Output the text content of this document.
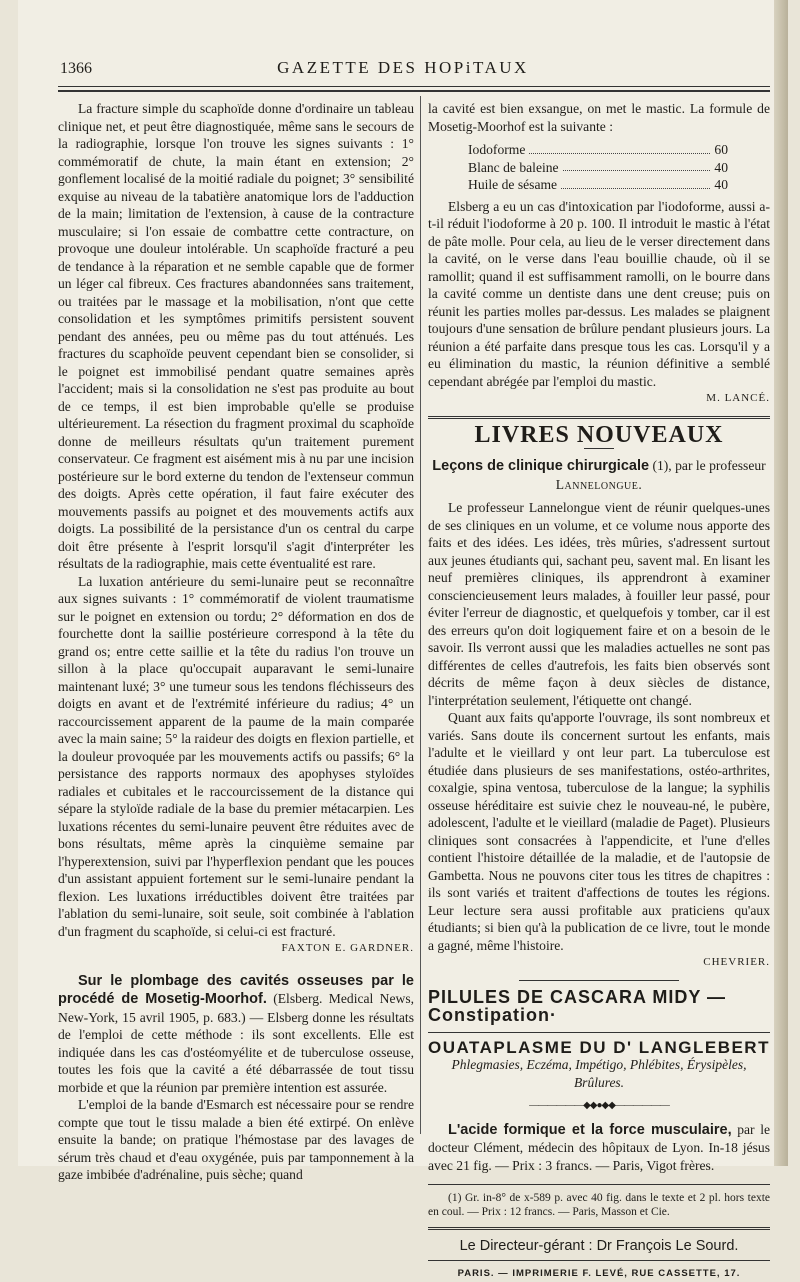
1366	GAZETTE DES HOPiTAUX

La fracture simple du scaphoïde donne d'ordinaire un tableau clinique net, et peut être diagnostiquée, même sans le secours de la radiographie, lorsque l'on trouve les signes suivants : 1° commémoratif de chute, la main étant en extension; 2° gonflement localisé de la moitié radiale du poignet; 3° sensibilité exquise au niveau de la tabatière anatomique lors de l'adduction de la main; limitation de l'extension, à cause de la contracture musculaire; si l'on essaie de combattre cette contracture, on provoque une douleur intolérable. Un scaphoïde fracturé a peu de tendance à la réparation et ne semble capable que de former un léger cal fibreux. Ces fractures abandonnées sans traitement, ou traitées par le massage et la mobilisation, n'ont que cette consolidation et les symptômes primitifs persistent souvent pendant des années, peu ou même pas du tout atténués. Les fractures du scaphoïde peuvent cependant bien se consolider, si le poignet est immobilisé pendant quatre semaines après l'accident; mais si la consolidation ne s'est pas produite au bout de ce temps, il est bien improbable qu'elle se produise ultérieurement. La résection du fragment proximal du scaphoïde donne de meilleurs résultats qu'un traitement purement conservateur. Ce fragment est aisément mis à nu par une incision postérieure sur le bord externe du tendon de l'extenseur commun des doigts. Après cette opération, il faut faire exécuter des mouvements passifs au poignet et des mouvements actifs aux doigts. La possibilité de la persistance d'un os central du carpe doit être présente à l'esprit lorsqu'il s'agit d'interpréter les résultats de la radiographie, mais cette éventualité est rare.

La luxation antérieure du semi-lunaire peut se reconnaître aux signes suivants : 1° commémoratif de violent traumatisme sur le poignet en extension ou tordu; 2° déformation en dos de fourchette dont la saillie postérieure correspond à la tête du grand os; entre cette saillie et la tête du radius l'on trouve un sillon à la place qu'occupait auparavant le semi-lunaire maintenant luxé; 3° une tumeur sous les tendons fléchisseurs des doigts en avant et de l'extrémité inférieure du radius; 4° un raccourcissement apparent de la paume de la main comparée avec la main saine; 5° la raideur des doigts en flexion partielle, et la douleur provoquée par les mouvements actifs ou passifs; 6° la persistance des rapports normaux des apophyses styloïdes radiales et cubitales et le raccourcissement de la distance qui sépare la styloïde radiale de la base du premier métacarpien. Les luxations récentes du semi-lunaire peuvent être réduites avec de bons résultats, même après la cinquième semaine par l'hyperextension, suivi par l'hyperflexion pendant que les pouces d'un assistant appuient fortement sur le semi-lunaire pendant la flexion. Les luxations irréductibles doivent être traitées par l'ablation du semi-lunaire, soit seule, soit combinée à l'ablation d'un fragment du scaphoïde, si celui-ci est fracturé.

FAXTON E. GARDNER.

Sur le plombage des cavités osseuses par le procédé de Mosetig-Moorhof. (Elsberg. Medical News, New-York, 15 avril 1905, p. 683.) — Elsberg donne les résultats de l'emploi de cette méthode : ils sont excellents. Elle est indiquée dans les cas d'ostéomyélite et de tuberculose osseuse, toutes les fois que la cavité a été débarrassée de tout tissu morbide et que la réunion par première intention est assurée.

L'emploi de la bande d'Esmarch est nécessaire pour se rendre compte que tout le tissu malade a bien été extirpé. On enlève ensuite la bande; on pratique l'hémostase par des lavages de sérum très chaud et d'eau oxygénée, puis par tamponnement à la gaze imbibée d'adrénaline, puis sèche; quand

la cavité est bien exsangue, on met le mastic. La formule de Mosetig-Moorhof est la suivante :

Iodoforme	60
Blanc de baleine	40
Huile de sésame	40

Elsberg a eu un cas d'intoxication par l'iodoforme, aussi a-t-il réduit l'iodoforme à 20 p. 100. Il introduit le mastic à l'état de pâte molle. Pour cela, au lieu de le verser directement dans la cavité, on le verse dans l'eau bouillie chaude, où il se ramollit; quand il est suffisamment ramolli, on le bourre dans la cavité comme un dentiste dans une dent creuse; puis on réunit les parties molles par-dessus. Les malades se plaignent toujours d'une sensation de brûlure pendant plusieurs jours. La réunion a été parfaite dans presque tous les cas. Lorsqu'il y a eu élimination du mastic, la réunion définitive a semblé cependant abrégée par l'emploi du mastic.

M. LANCÉ.

LIVRES NOUVEAUX
Leçons de clinique chirurgicale (1), par le professeur
Lannelongue.

Le professeur Lannelongue vient de réunir quelques-unes de ses cliniques en un volume, et ce volume nous apporte des faits et des idées. Les idées, très mûries, s'adressent surtout aux jeunes étudiants qui, sachant peu, savent mal. En lisant les neuf premières cliniques, ils apprendront à examiner consciencieusement leurs malades, à fouiller leur passé, pour éviter l'erreur de diagnostic, et quelquefois y tomber, car il est des erreurs qu'on doit logiquement faire et on a besoin de le savoir. Ils verront aussi que les maladies actuelles ne sont pas différentes de celles d'autrefois, les faits bien observés sont décrits de même façon à deux siècles de distance, l'interprétation seulement, l'étiquette ont changé.

Quant aux faits qu'apporte l'ouvrage, ils sont nombreux et variés. Sans doute ils concernent surtout les enfants, mais l'adulte et le vieillard y ont leur part. La tuberculose est étudiée dans plusieurs de ses manifestations, ostéo-arthrites, coxalgie, spina ventosa, tuberculose de la langue; la syphilis osseuse héréditaire est suivie chez le nouveau-né, le pubère, adolescent, l'adulte et le vieillard (maladie de Paget). Plusieurs cliniques sont consacrées à l'appendicite, et l'une d'elles contient l'histoire détaillée de la maladie, et de l'autopsie de Gambetta. Nous ne pouvons citer tous les titres de chapitres : ils sont variés et traitent d'affections de toutes les régions. Leur lecture sera aussi profitable aux praticiens qu'aux étudiants; si bien qu'à la publication de ce livre, tout le monde a gagné, même l'histoire.

CHEVRIER.

PILULES DE CASCARA MIDY — Constipation·
OUATAPLASME DU D' LANGLEBERT
Phlegmasies, Eczéma, Impétigo, Phlébites, Érysipèles, Brûlures.
——————◆◆●◆◆——————

L'acide formique et la force musculaire, par le docteur Clément, médecin des hôpitaux de Lyon. In-18 jésus avec 21 fig. — Prix : 3 francs. — Paris, Vigot frères.

(1) Gr. in-8° de x-589 p. avec 40 fig. dans le texte et 2 pl. hors texte en coul. — Prix : 12 francs. — Paris, Masson et Cie.

Le Directeur-gérant : Dr François Le Sourd.
PARIS. — IMPRIMERIE F. LEVÉ, RUE CASSETTE, 17.
